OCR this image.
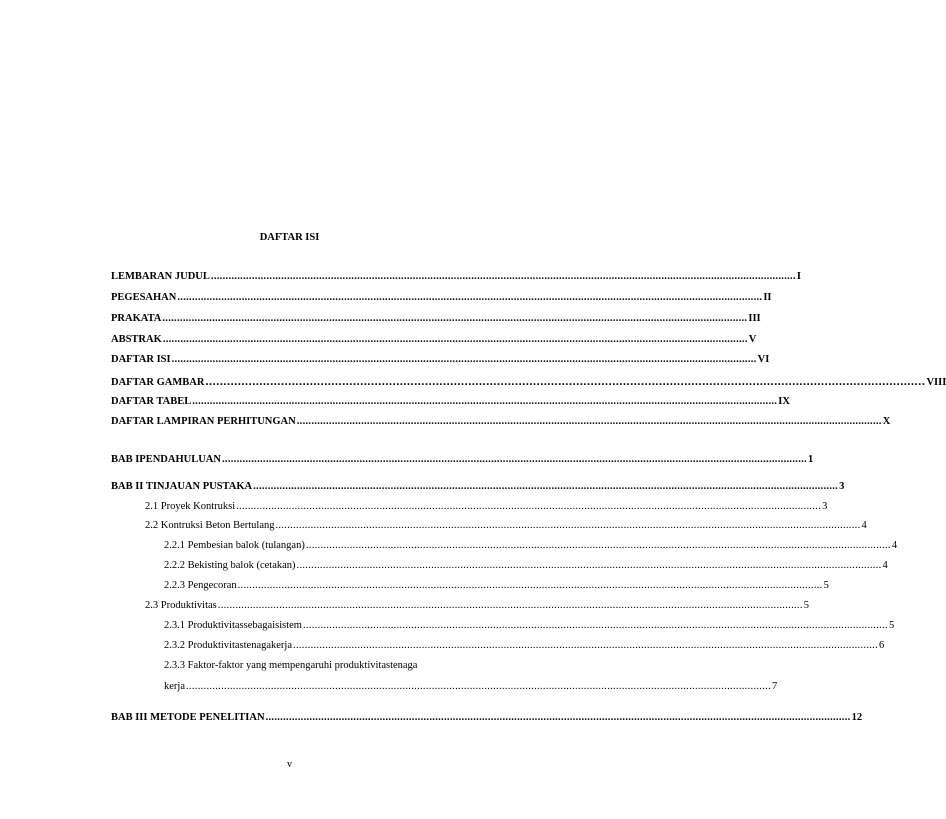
DAFTAR ISI
LEMBARAN JUDUL ........................................................................................................................................................................................................ I
PEGESAHAN ........................................................................................................................................................................................................ II
PRAKATA ........................................................................................................................................................................................................ III
ABSTRAK ........................................................................................................................................................................................................ V
DAFTAR ISI ........................................................................................................................................................................................................ VI
DAFTAR GAMBAR ........................................................................................................................................................................................................ VIII
DAFTAR TABEL ........................................................................................................................................................................................................ IX
DAFTAR LAMPIRAN PERHITUNGAN ........................................................................................................................................................................................................ X
BAB IPENDAHULUAN ........................................................................................................................................................................................................ 1
BAB II TINJAUAN PUSTAKA ........................................................................................................................................................................................................ 3
2.1 Proyek Kontruksi ........................................................................................................................................................................................................ 3
2.2 Kontruksi Beton Bertulang ........................................................................................................................................................................................................ 4
2.2.1 Pembesian balok (tulangan) ........................................................................................................................................................................................................ 4
2.2.2 Bekisting balok (cetakan) ........................................................................................................................................................................................................ 4
2.2.3 Pengecoran ........................................................................................................................................................................................................ 5
2.3 Produktivitas ........................................................................................................................................................................................................ 5
2.3.1 Produktivitassebagaisistem ........................................................................................................................................................................................................ 5
2.3.2 Produktivitastenagakerja ........................................................................................................................................................................................................ 6
2.3.3 Faktor-faktor yang mempengaruhi produktivitastenaga
kerja ........................................................................................................................................................................................................ 7
BAB III METODE PENELITIAN ........................................................................................................................................................................................................ 12
v
